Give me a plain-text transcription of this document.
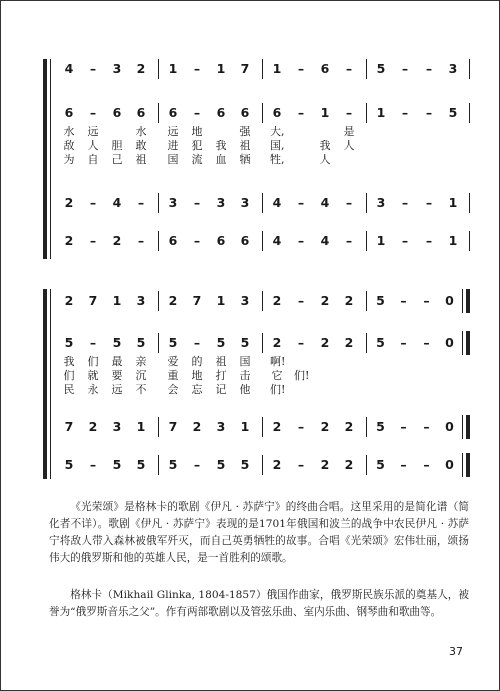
4	–	3 2 1	–	1 7 1	–	6	–	5	–	–	3
6	–	6 6 6	–	6 6 6	–	1	–	1	–	–	5
水 远	水 远 地	强 大,	是
敌 人 胆 敢 进 犯 我 祖 国,	我 人
为 自 己 祖 国 流 血 牺 牲,	人
2	–	4	–	3	–	3 3 4	–	4	–	3	–	–	1
2	–	2	–	6	–	6 6 4	–	4	–	1	–	–	1
2 7 1 3 2 7 1 3 2	–	2 2 5	–	–	0
5	–	5 5 5	–	5 5 2	–	2 2 5	–	–	0
我 们 最 亲 爱 的 祖 国 啊!
们 就 要 沉 重 地 打 击 它 们!
民 永 远 不 会 忘 记 他 们!
7 2 3 1 7 2 3 1 2	–	2 2 5	–	–	0
5	–	5 5 5	–	5 5 2	–	2 2 5	–	–	0

《光荣颂》是格林卡的歌剧《伊凡 · 苏萨宁》的终曲合唱。这里采用的是简化谱（简化者不详）。歌剧《伊凡 · 苏萨宁》表现的是1701年俄国和波兰的战争中农民伊凡 · 苏萨宁将敌人带入森林被俄军歼灭，而自己英勇牺牲的故事。合唱《光荣颂》宏伟壮丽，颂扬伟大的俄罗斯和他的英雄人民，是一首胜利的颂歌。

格林卡（Mikhail Glinka, 1804-1857）俄国作曲家，俄罗斯民族乐派的奠基人，被誉为“俄罗斯音乐之父”。作有两部歌剧以及管弦乐曲、室内乐曲、钢琴曲和歌曲等。

37
